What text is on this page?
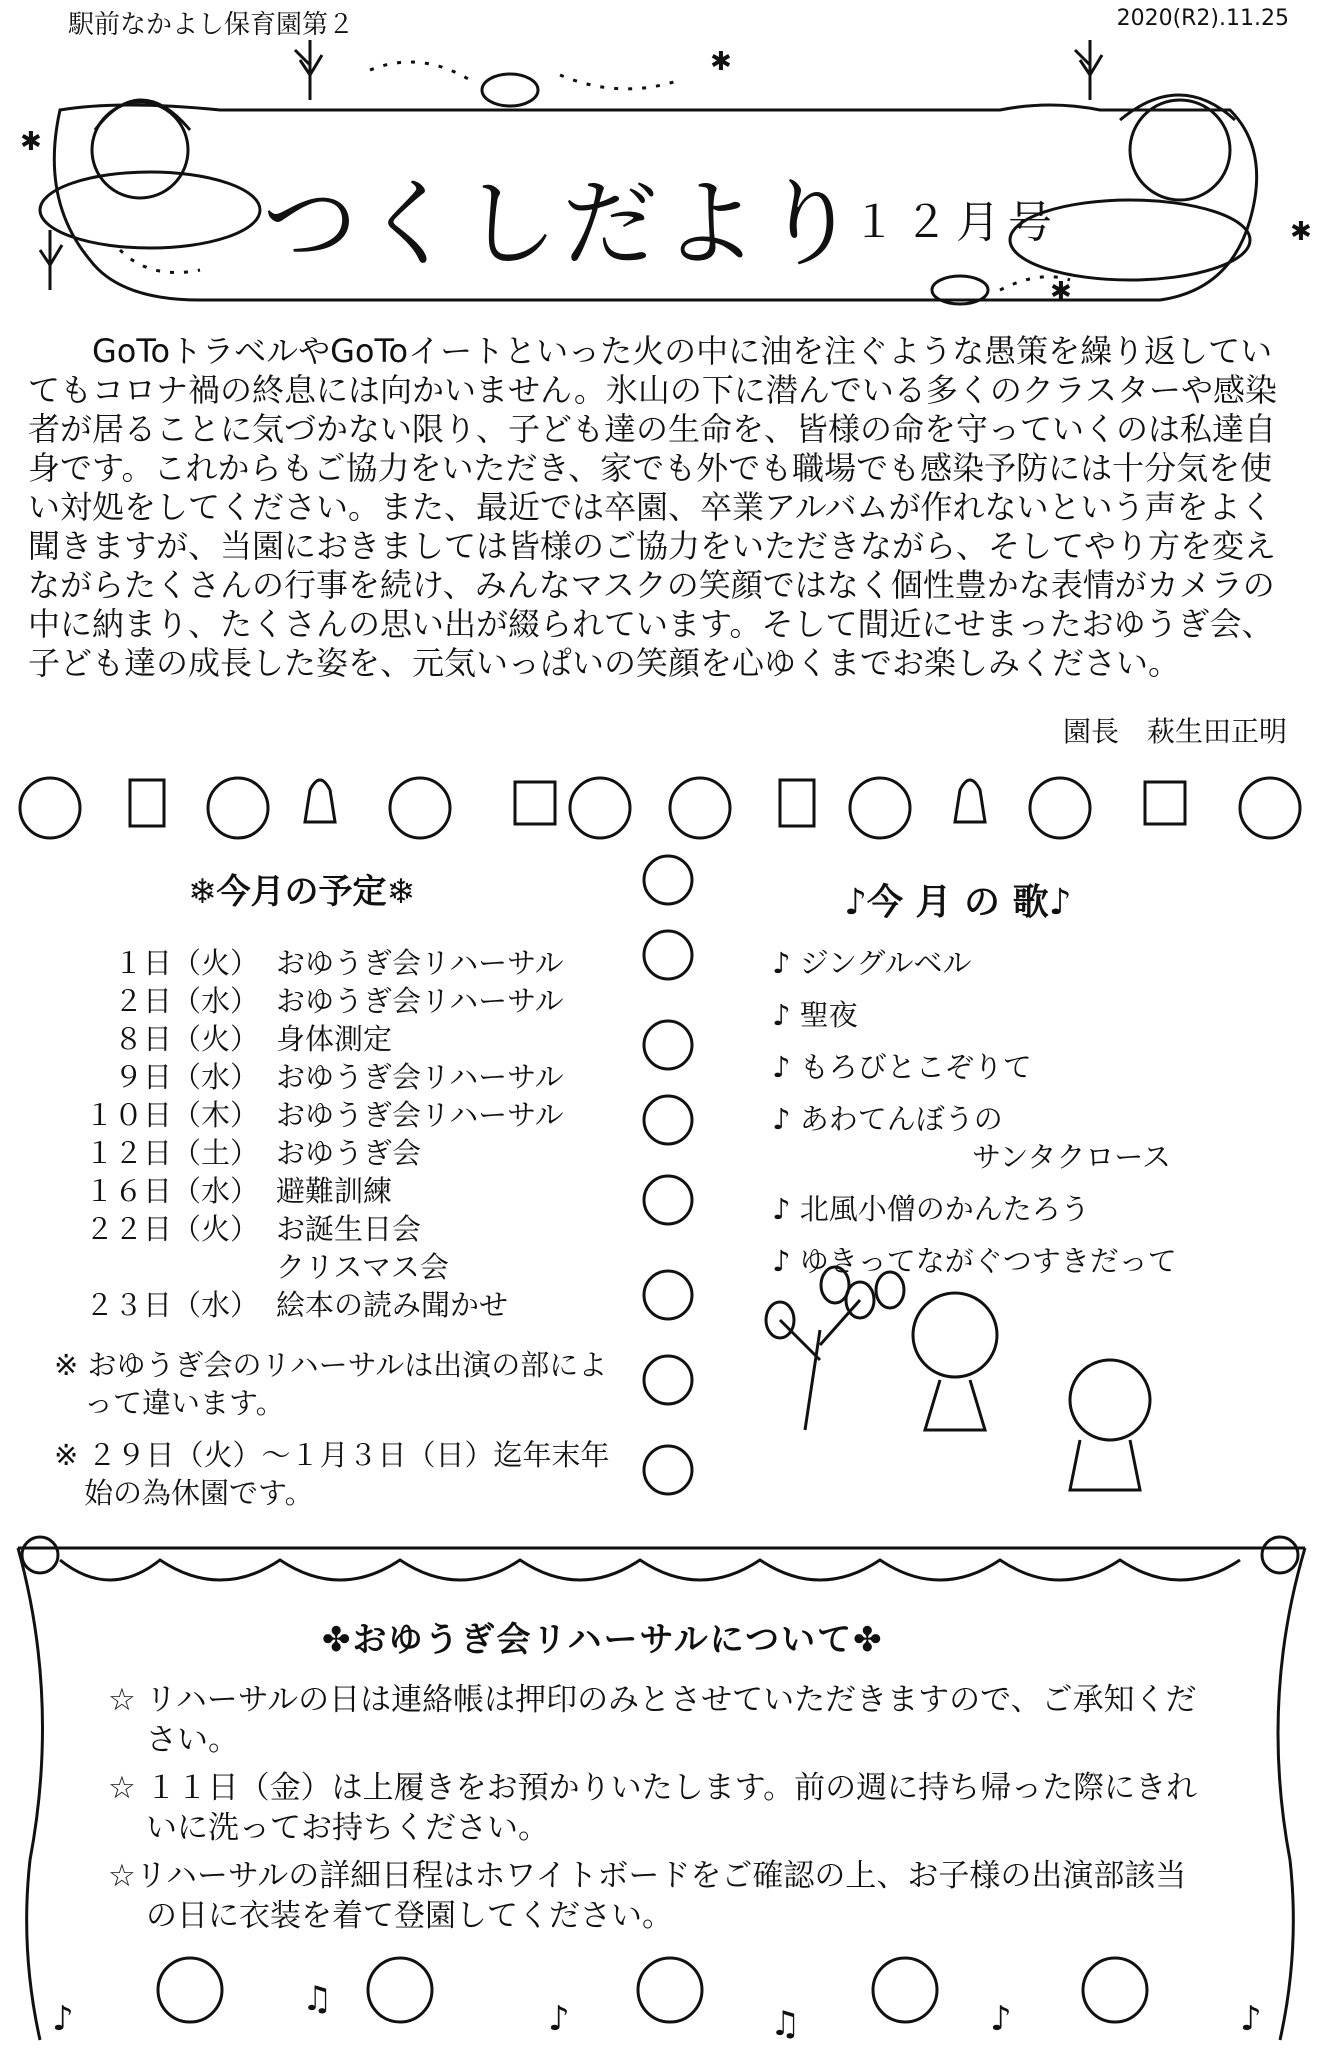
✱
✱
✱
✱
♪	♫	♪	♫	♪	♪
駅前なかよし保育園第２	2020(R2).11.25
つくしだより
１２月号

GoToトラベルやGoToイートといった火の中に油を注ぐような愚策を繰り返していてもコロナ禍の終息には向かいません。氷山の下に潜んでいる多くのクラスターや感染者が居ることに気づかない限り、子ども達の生命を、皆様の命を守っていくのは私達自身です。これからもご協力をいただき、家でも外でも職場でも感染予防には十分気を使い対処をしてください。また、最近では卒園、卒業アルバムが作れないという声をよく聞きますが、当園におきましては皆様のご協力をいただきながら、そしてやり方を変えながらたくさんの行事を続け、みんなマスクの笑顔ではなく個性豊かな表情がカメラの中に納まり、たくさんの思い出が綴られています。そして間近にせまったおゆうぎ会、子ども達の成長した姿を、元気いっぱいの笑顔を心ゆくまでお楽しみください。

園長　萩生田正明
❄今月の予定❄
１日（火） おゆうぎ会リハーサル
２日（水） おゆうぎ会リハーサル
８日（火） 身体測定
９日（水） おゆうぎ会リハーサル
１０日（木） おゆうぎ会リハーサル
１２日（土） おゆうぎ会
１６日（水） 避難訓練
２２日（火） お誕生日会
クリスマス会
２３日（水） 絵本の読み聞かせ
※ おゆうぎ会のリハーサルは出演の部によって違います。
※ ２９日（火）～１月３日（日）迄年末年始の為休園です。
♪今 月 の 歌♪
♪ ジングルベル
♪ 聖夜
♪ もろびとこぞりて
♪ あわてんぼうの
サンタクロース
♪ 北風小僧のかんたろう
♪ ゆきってながぐつすきだって
✤おゆうぎ会リハーサルについて✤
☆ リハーサルの日は連絡帳は押印のみとさせていただきますので、ご承知ください。
☆ １１日（金）は上履きをお預かりいたします。前の週に持ち帰った際にきれいに洗ってお持ちください。
☆リハーサルの詳細日程はホワイトボードをご確認の上、お子様の出演部該当の日に衣装を着て登園してください。
